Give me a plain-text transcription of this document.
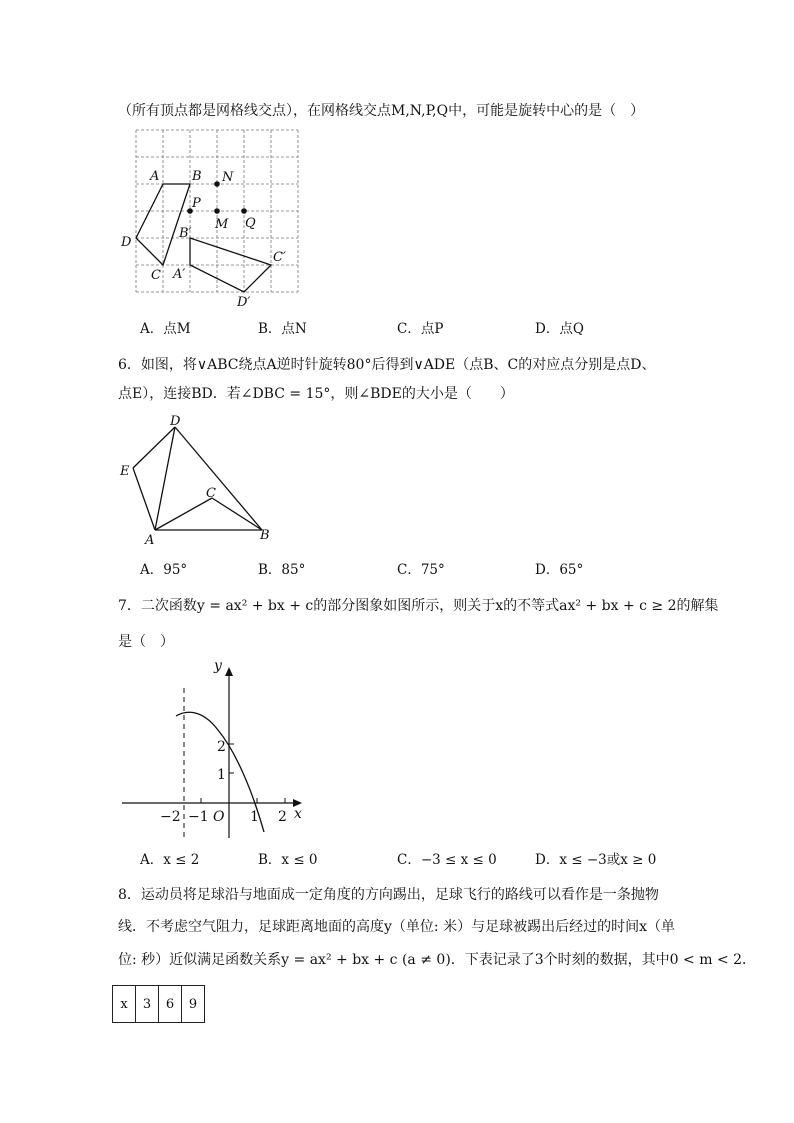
（所有顶点都是网格线交点），在网格线交点M,N,P,Q中，可能是旋转中心的是（　）
A	B N
P
M Q
B′
D
C A′
C′
D′
A．点M	B．点N	C．点P	D．点Q
6．如图，将∨ABC绕点A逆时针旋转80°后得到∨ADE（点B、C的对应点分别是点D、
点E），连接BD．若∠DBC = 15°，则∠BDE的大小是（　　）
D
E
C
A	B
A．95°	B．85°	C．75°	D．65°
7．二次函数y = ax² + bx + c的部分图象如图所示，则关于x的不等式ax² + bx + c ≥ 2的解集
是（　）
y
x
O
−2 −1	1 2
1
2
A．x ≤ 2	B．x ≤ 0	C．−3 ≤ x ≤ 0	D．x ≤ −3或x ≥ 0
8．运动员将足球沿与地面成一定角度的方向踢出，足球飞行的路线可以看作是一条抛物
线．不考虑空气阻力，足球距离地面的高度y（单位: 米）与足球被踢出后经过的时间x（单
位: 秒）近似满足函数关系y = ax² + bx + c (a ≠ 0)．下表记录了3个时刻的数据，其中0 < m < 2．
x	3	6	9
